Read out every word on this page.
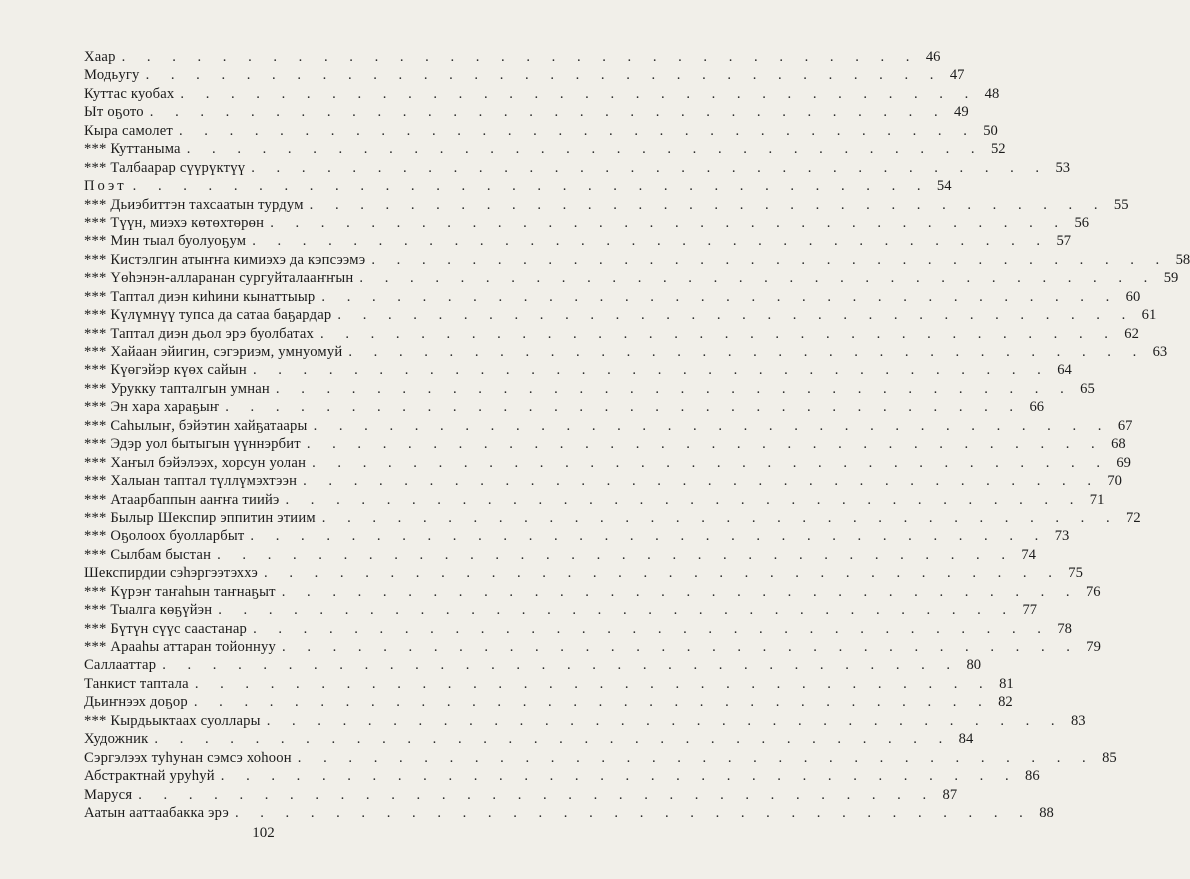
Хаар . . . . . . . . . . . . . . . . . . . . . . . . . . . . . . . . 46
Модьугу . . . . . . . . . . . . . . . . . . . . . . . . . . . . . . . . 47
Куттас куобах . . . . . . . . . . . . . . . . . . . . . . . . . . . . . . . . 48
Ыт оҕото . . . . . . . . . . . . . . . . . . . . . . . . . . . . . . . . 49
Кыра самолет . . . . . . . . . . . . . . . . . . . . . . . . . . . . . . . . 50
*** Куттаныма . . . . . . . . . . . . . . . . . . . . . . . . . . . . . . . . 52
*** Талбаарар сүүрүктүү . . . . . . . . . . . . . . . . . . . . . . . . . . . . . . . . 53
Поэт . . . . . . . . . . . . . . . . . . . . . . . . . . . . . . . . 54
*** Дьиэбиттэн тахсаатын турдум . . . . . . . . . . . . . . . . . . . . . . . . . . . . . . . . 55
*** Түүн, миэхэ көтөхтөрөн . . . . . . . . . . . . . . . . . . . . . . . . . . . . . . . . 56
*** Мин тыал буолуоҕум . . . . . . . . . . . . . . . . . . . . . . . . . . . . . . . . 57
*** Кистэлгин атыҥҥа кимиэхэ да кэпсээмэ . . . . . . . . . . . . . . . . . . . . . . . . . . . . . . . . 58
*** Үөһэнэн-алларанан сургуйталааҥҥын . . . . . . . . . . . . . . . . . . . . . . . . . . . . . . . . 59
*** Таптал диэн киһини кынаттыыр . . . . . . . . . . . . . . . . . . . . . . . . . . . . . . . . 60
*** Күлүмнүү тупса да сатаа баҕардар . . . . . . . . . . . . . . . . . . . . . . . . . . . . . . . . 61
*** Таптал диэн дьол эрэ буолбатах . . . . . . . . . . . . . . . . . . . . . . . . . . . . . . . . 62
*** Хайаан эйигин, сэгэриэм, умнуомуй . . . . . . . . . . . . . . . . . . . . . . . . . . . . . . . . 63
*** Күөгэйэр күөх сайын . . . . . . . . . . . . . . . . . . . . . . . . . . . . . . . . 64
*** Урукку тапталгын умнан . . . . . . . . . . . . . . . . . . . . . . . . . . . . . . . . 65
*** Эн хара хараҕыҥ . . . . . . . . . . . . . . . . . . . . . . . . . . . . . . . . 66
*** Саһылыҥ, бэйэтин хайҕатаары . . . . . . . . . . . . . . . . . . . . . . . . . . . . . . . . 67
*** Эдэр уол бытыгын үүннэрбит . . . . . . . . . . . . . . . . . . . . . . . . . . . . . . . . 68
*** Хаҥыл бэйэлээх, хорсун уолан . . . . . . . . . . . . . . . . . . . . . . . . . . . . . . . . 69
*** Халыан таптал түллүмэхтээн . . . . . . . . . . . . . . . . . . . . . . . . . . . . . . . . 70
*** Атаарбаппын ааҥҥа тиийэ . . . . . . . . . . . . . . . . . . . . . . . . . . . . . . . . 71
*** Былыр Шекспир эппитин этиим . . . . . . . . . . . . . . . . . . . . . . . . . . . . . . . . 72
*** Оҕолоох буолларбыт . . . . . . . . . . . . . . . . . . . . . . . . . . . . . . . . 73
*** Сылбам быстан . . . . . . . . . . . . . . . . . . . . . . . . . . . . . . . . 74
Шекспирдии сэһэргээтэххэ . . . . . . . . . . . . . . . . . . . . . . . . . . . . . . . . 75
*** Күрэҥ таҥаһын таҥнаҕыт . . . . . . . . . . . . . . . . . . . . . . . . . . . . . . . . 76
*** Тыалга көҕүйэн . . . . . . . . . . . . . . . . . . . . . . . . . . . . . . . . 77
*** Бүтүн сүүс саастанар . . . . . . . . . . . . . . . . . . . . . . . . . . . . . . . . 78
*** Арааһы аттаран тойоннуу . . . . . . . . . . . . . . . . . . . . . . . . . . . . . . . . 79
Саллааттар . . . . . . . . . . . . . . . . . . . . . . . . . . . . . . . . 80
Танкист таптала . . . . . . . . . . . . . . . . . . . . . . . . . . . . . . . . 81
Дьиҥнээх доҕор . . . . . . . . . . . . . . . . . . . . . . . . . . . . . . . . 82
*** Кырдьыктаах суоллары . . . . . . . . . . . . . . . . . . . . . . . . . . . . . . . . 83
Художник . . . . . . . . . . . . . . . . . . . . . . . . . . . . . . . . 84
Сэргэлээх туһунан сэмсэ хоһоон . . . . . . . . . . . . . . . . . . . . . . . . . . . . . . . . 85
Абстрактнай уруһуй . . . . . . . . . . . . . . . . . . . . . . . . . . . . . . . . 86
Маруся . . . . . . . . . . . . . . . . . . . . . . . . . . . . . . . . 87
Аатын ааттаабакка эрэ . . . . . . . . . . . . . . . . . . . . . . . . . . . . . . . . 88
102
